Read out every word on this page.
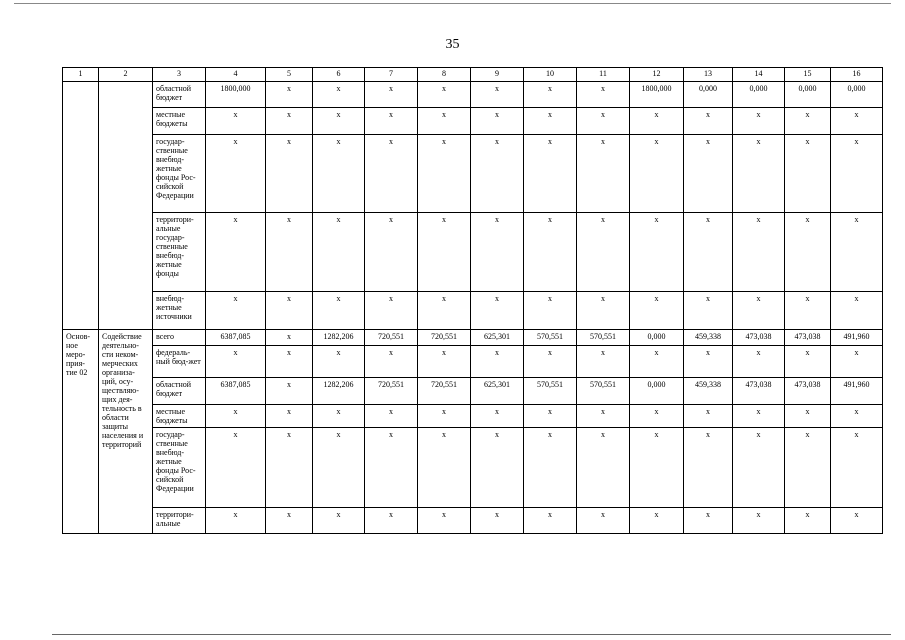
35
1	2	3	4	5	6	7	8	9	10	11	12	13	14	15	16
		областной бюджет	1800,000	х	х	х	х	х	х	х	1800,000	0,000	0,000	0,000	0,000
		местные бюджеты	х	х	х	х	х	х	х	х	х	х	х	х	х
		государ-ственные внебюд-жетные фонды Рос-сийской Федерации	х	х	х	х	х	х	х	х	х	х	х	х	х
		территори-альные государ-ственные внебюд-жетные фонды	х	х	х	х	х	х	х	х	х	х	х	х	х
		внебюд-жетные источники	х	х	х	х	х	х	х	х	х	х	х	х	х
Основ-ное меро-прия-тие 02	Содействие деятельно-сти неком-мерческих организа-ций, осу-ществляю-щих дея-тельность в области защиты населения и территорий	всего	6387,085	х	1282,206	720,551	720,551	625,301	570,551	570,551	0,000	459,338	473,038	473,038	491,960
		федераль-ный бюд-жет	х	х	х	х	х	х	х	х	х	х	х	х	х
		областной бюджет	6387,085	х	1282,206	720,551	720,551	625,301	570,551	570,551	0,000	459,338	473,038	473,038	491,960
		местные бюджеты	х	х	х	х	х	х	х	х	х	х	х	х	х
		государ-ственные внебюд-жетные фонды Рос-сийской Федерации	х	х	х	х	х	х	х	х	х	х	х	х	х
		территори-альные	х	х	х	х	х	х	х	х	х	х	х	х	х
